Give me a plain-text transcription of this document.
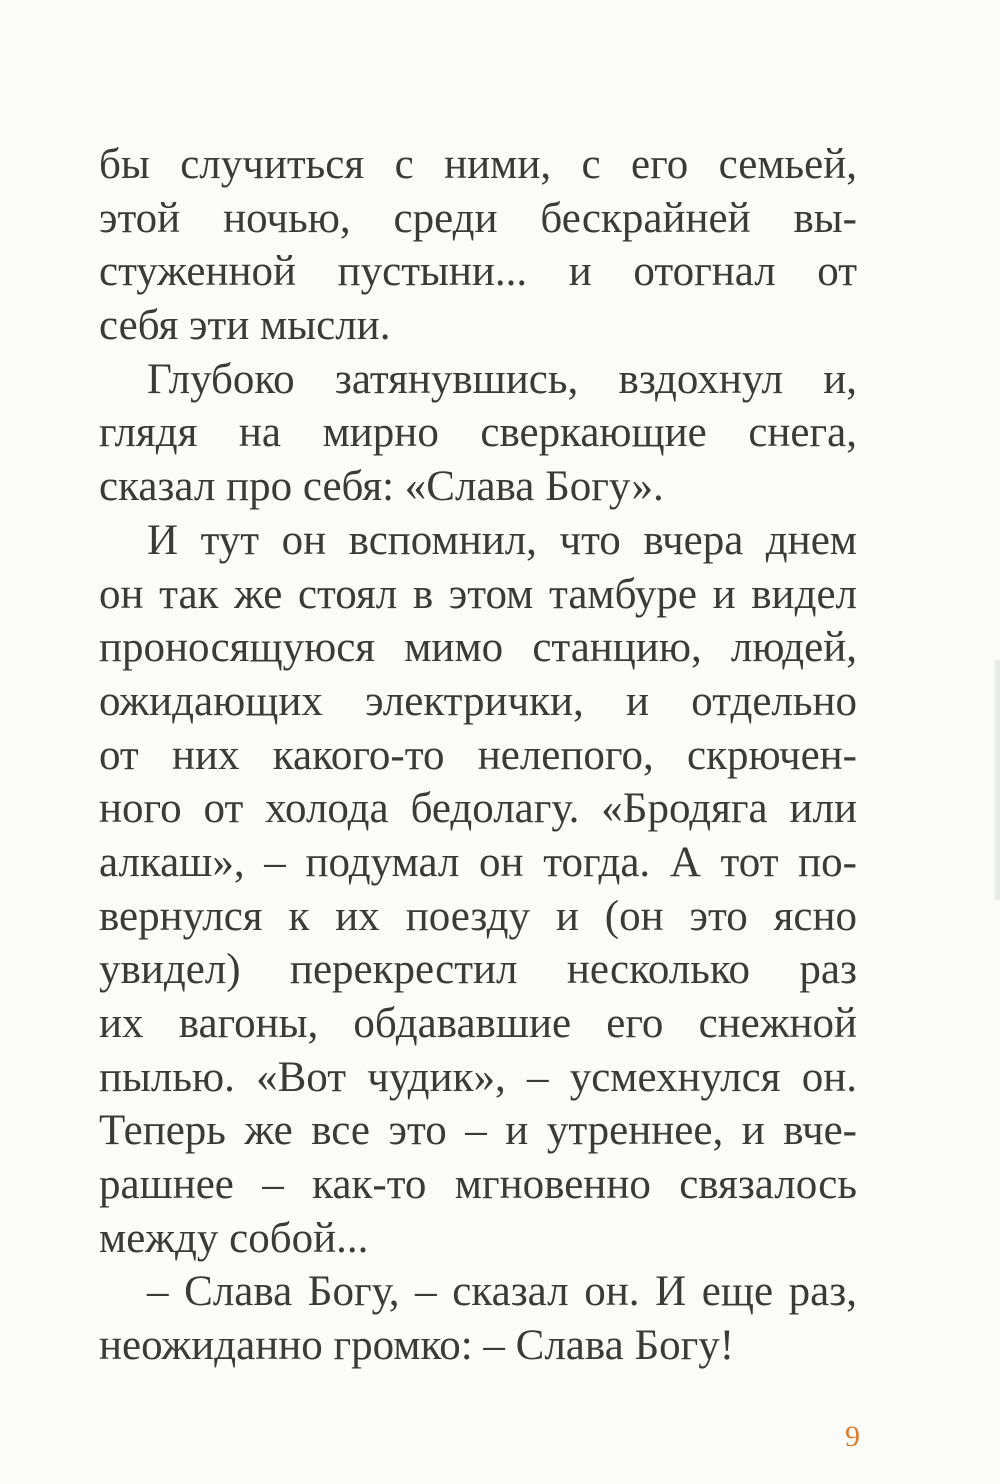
бы случиться с ними, с его семьей,
этой ночью, среди бескрайней вы-
стуженной пустыни... и отогнал от
себя эти мысли.
Глубоко затянувшись, вздохнул и,
глядя на мирно сверкающие снега,
сказал про себя: «Слава Богу».
И тут он вспомнил, что вчера днем
он так же стоял в этом тамбуре и видел
проносящуюся мимо станцию, людей,
ожидающих электрички, и отдельно
от них какого-то нелепого, скрючен-
ного от холода бедолагу. «Бродяга или
алкаш», – подумал он тогда. А тот по-
вернулся к их поезду и (он это ясно
увидел) перекрестил несколько раз
их вагоны, обдававшие его снежной
пылью. «Вот чудик», – усмехнулся он.
Теперь же все это – и утреннее, и вче-
рашнее – как-то мгновенно связалось
между собой...
– Слава Богу, – сказал он. И еще раз,
неожиданно громко: – Слава Богу!
9
